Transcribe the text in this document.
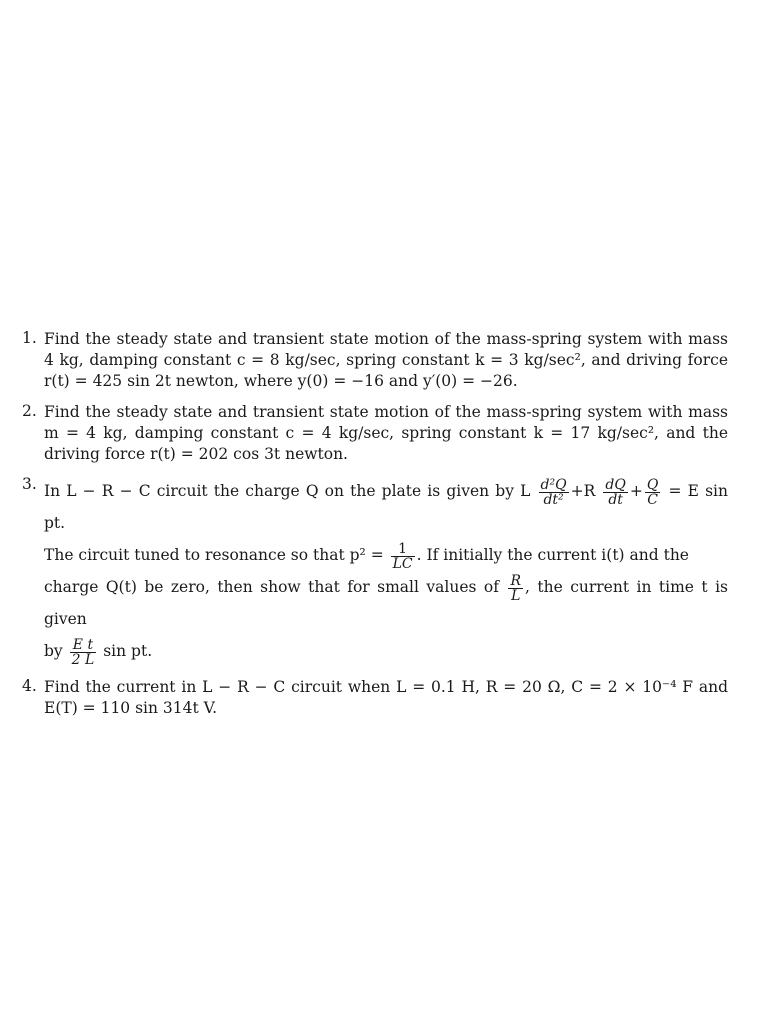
1. Find the steady state and transient state motion of the mass-spring system with mass 4 kg, damping constant c = 8 kg/sec, spring constant k = 3 kg/sec², and driving force r(t) = 425 sin 2t newton, where y(0) = −16 and y′(0) = −26.
2. Find the steady state and transient state motion of the mass-spring system with mass m = 4 kg, damping constant c = 4 kg/sec, spring constant k = 17 kg/sec², and the driving force r(t) = 202 cos 3t newton.
3. In L − R − C circuit the charge Q on the plate is given by L $\frac{\text{d²Q}}{\text{dt²}} +R \frac{dQ}{dt} + \frac{Q}{C} = E$ sin pt.
The circuit tuned to resonance so that $p^2 = \frac{1}{LC}$ . If initially the current i(t) and the
charge Q(t) be zero, then show that for small values of $\frac{R}{L}$ , the current in time t is given
by $\frac{\text{E t}}{2 L}$ sin pt.
4. Find the current in L − R − C circuit when L = 0.1 H, R = 20 Ω, C = 2 × 10⁻⁴ F and E(T) = 110 sin 314t V.
